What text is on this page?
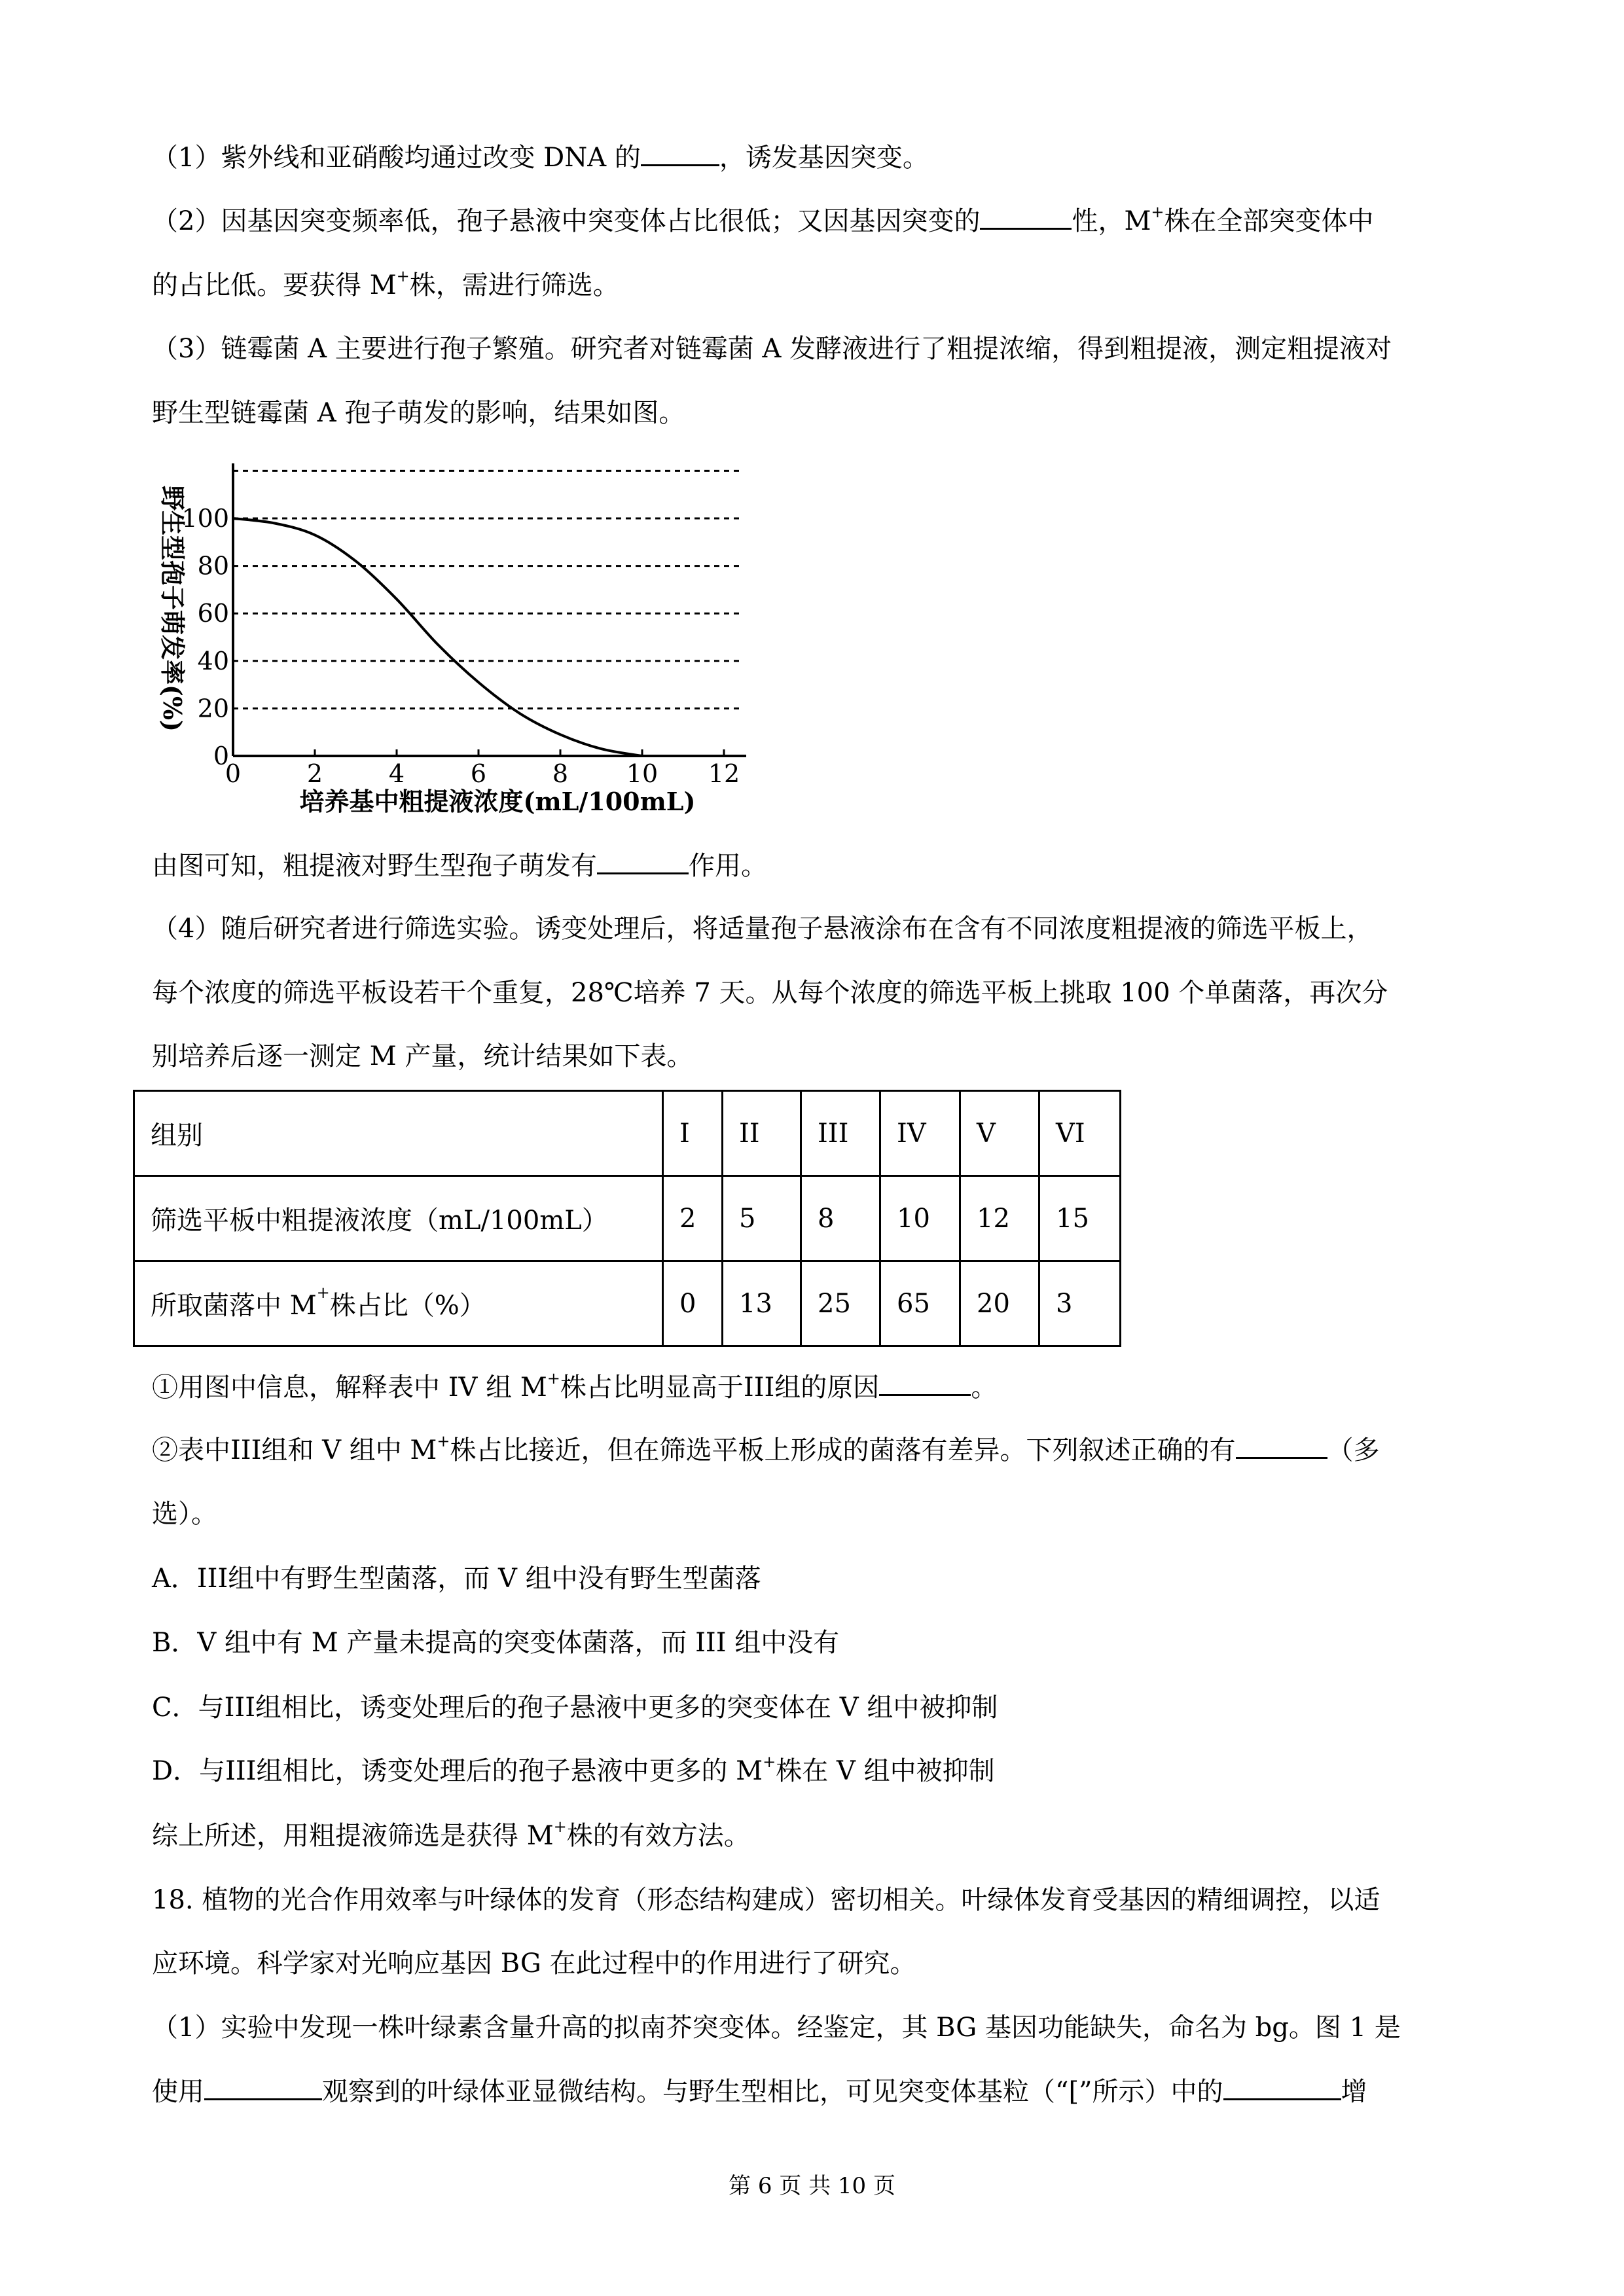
（1）紫外线和亚硝酸均通过改变 DNA 的	，诱发基因突变。
（2）因基因突变频率低，孢子悬液中突变体占比很低；又因基因突变的	性，M+株在全部突变体中
的占比低。要获得 M+株，需进行筛选。
（3）链霉菌 A 主要进行孢子繁殖。研究者对链霉菌 A 发酵液进行了粗提浓缩，得到粗提液，测定粗提液对
野生型链霉菌 A 孢子萌发的影响，结果如图。
0	2	4	6	8 10 12
0
20
40
60
80
100
培养基中粗提液浓度(mL/100mL)
野生型孢子萌发率(%)
由图可知，粗提液对野生型孢子萌发有	作用。
（4）随后研究者进行筛选实验。诱变处理后，将适量孢子悬液涂布在含有不同浓度粗提液的筛选平板上，
每个浓度的筛选平板设若干个重复，28℃培养 7 天。从每个浓度的筛选平板上挑取 100 个单菌落，再次分
别培养后逐一测定 M 产量，统计结果如下表。
组别	I	II	III	IV	V	VI
筛选平板中粗提液浓度（mL/100mL）	2	5	8	10	12	15
所取菌落中 M+株占比（%）	0	13	25	65	20	3
①用图中信息，解释表中 IV 组 M+株占比明显高于III组的原因	。
②表中III组和 V 组中 M+株占比接近，但在筛选平板上形成的菌落有差异。下列叙述正确的有	（多
选）。
A．III组中有野生型菌落，而 V 组中没有野生型菌落
B．V 组中有 M 产量未提高的突变体菌落，而 III 组中没有
C．与III组相比，诱变处理后的孢子悬液中更多的突变体在 V 组中被抑制
D．与III组相比，诱变处理后的孢子悬液中更多的 M+株在 V 组中被抑制
综上所述，用粗提液筛选是获得 M+株的有效方法。
18. 植物的光合作用效率与叶绿体的发育（形态结构建成）密切相关。叶绿体发育受基因的精细调控，以适
应环境。科学家对光响应基因 BG 在此过程中的作用进行了研究。
（1）实验中发现一株叶绿素含量升高的拟南芥突变体。经鉴定，其 BG 基因功能缺失，命名为 bg。图 1 是
使用	观察到的叶绿体亚显微结构。与野生型相比，可见突变体基粒（“[”所示）中的	增
第 6 页 共 10 页
